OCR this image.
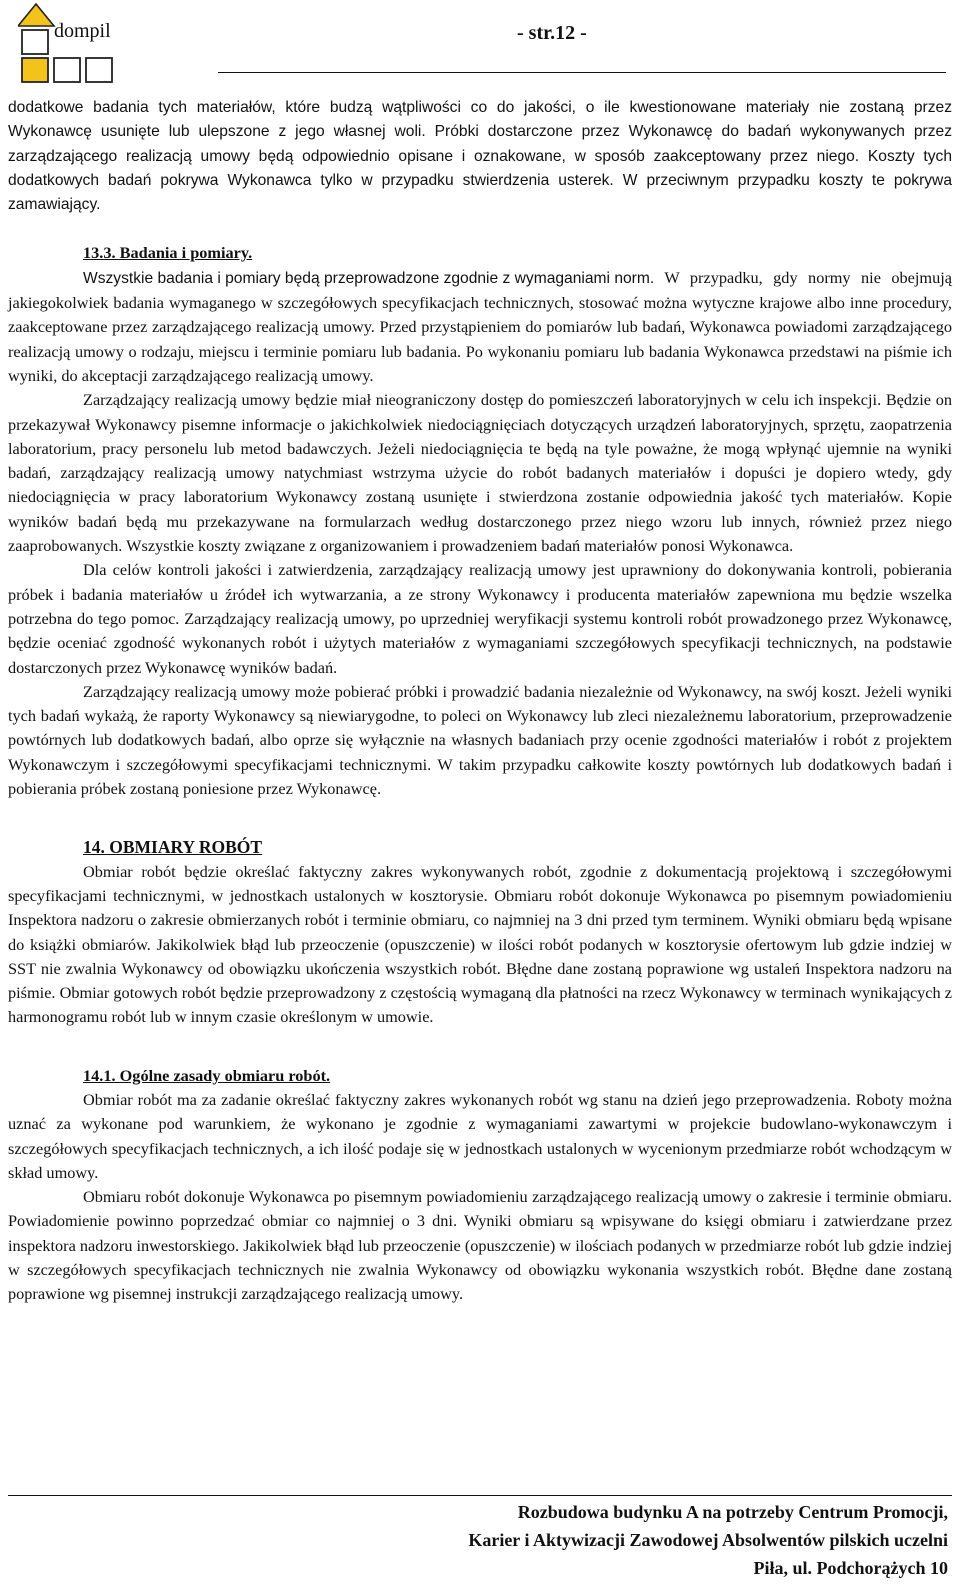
dompil	- str.12 -

dodatkowe badania tych materiałów, które budzą wątpliwości co do jakości, o ile kwestionowane materiały nie zostaną przez Wykonawcę usunięte lub ulepszone z jego własnej woli. Próbki dostarczone przez Wykonawcę do badań wykonywanych przez zarządzającego realizacją umowy będą odpowiednio opisane i oznakowane, w sposób zaakceptowany przez niego. Koszty tych dodatkowych badań pokrywa Wykonawca tylko w przypadku stwierdzenia usterek. W przeciwnym przypadku koszty te pokrywa zamawiający.

13.3. Badania i pomiary.

Wszystkie badania i pomiary będą przeprowadzone zgodnie z wymaganiami norm. W przypadku, gdy normy nie obejmują jakiegokolwiek badania wymaganego w szczegółowych specyfikacjach technicznych, stosować można wytyczne krajowe albo inne procedury, zaakceptowane przez zarządzającego realizacją umowy. Przed przystąpieniem do pomiarów lub badań, Wykonawca powiadomi zarządzającego realizacją umowy o rodzaju, miejscu i terminie pomiaru lub badania. Po wykonaniu pomiaru lub badania Wykonawca przedstawi na piśmie ich wyniki, do akceptacji zarządzającego realizacją umowy.

Zarządzający realizacją umowy będzie miał nieograniczony dostęp do pomieszczeń laboratoryjnych w celu ich inspekcji. Będzie on przekazywał Wykonawcy pisemne informacje o jakichkolwiek niedociągnięciach dotyczących urządzeń laboratoryjnych, sprzętu, zaopatrzenia laboratorium, pracy personelu lub metod badawczych. Jeżeli niedociągnięcia te będą na tyle poważne, że mogą wpłynąć ujemnie na wyniki badań, zarządzający realizacją umowy natychmiast wstrzyma użycie do robót badanych materiałów i dopuści je dopiero wtedy, gdy niedociągnięcia w pracy laboratorium Wykonawcy zostaną usunięte i stwierdzona zostanie odpowiednia jakość tych materiałów. Kopie wyników badań będą mu przekazywane na formularzach według dostarczonego przez niego wzoru lub innych, również przez niego zaaprobowanych. Wszystkie koszty związane z organizowaniem i prowadzeniem badań materiałów ponosi Wykonawca.

Dla celów kontroli jakości i zatwierdzenia, zarządzający realizacją umowy jest uprawniony do dokonywania kontroli, pobierania próbek i badania materiałów u źródeł ich wytwarzania, a ze strony Wykonawcy i producenta materiałów zapewniona mu będzie wszelka potrzebna do tego pomoc. Zarządzający realizacją umowy, po uprzedniej weryfikacji systemu kontroli robót prowadzonego przez Wykonawcę, będzie oceniać zgodność wykonanych robót i użytych materiałów z wymaganiami szczegółowych specyfikacji technicznych, na podstawie dostarczonych przez Wykonawcę wyników badań.

Zarządzający realizacją umowy może pobierać próbki i prowadzić badania niezależnie od Wykonawcy, na swój koszt. Jeżeli wyniki tych badań wykażą, że raporty Wykonawcy są niewiarygodne, to poleci on Wykonawcy lub zleci niezależnemu laboratorium, przeprowadzenie powtórnych lub dodatkowych badań, albo oprze się wyłącznie na własnych badaniach przy ocenie zgodności materiałów i robót z projektem Wykonawczym i szczegółowymi specyfikacjami technicznymi. W takim przypadku całkowite koszty powtórnych lub dodatkowych badań i pobierania próbek zostaną poniesione przez Wykonawcę.

14. OBMIARY ROBÓT

Obmiar robót będzie określać faktyczny zakres wykonywanych robót, zgodnie z dokumentacją projektową i szczegółowymi specyfikacjami technicznymi, w jednostkach ustalonych w kosztorysie. Obmiaru robót dokonuje Wykonawca po pisemnym powiadomieniu Inspektora nadzoru o zakresie obmierzanych robót i terminie obmiaru, co najmniej na 3 dni przed tym terminem. Wyniki obmiaru będą wpisane do książki obmiarów. Jakikolwiek błąd lub przeoczenie (opuszczenie) w ilości robót podanych w kosztorysie ofertowym lub gdzie indziej w SST nie zwalnia Wykonawcy od obowiązku ukończenia wszystkich robót. Błędne dane zostaną poprawione wg ustaleń Inspektora nadzoru na piśmie. Obmiar gotowych robót będzie przeprowadzony z częstością wymaganą dla płatności na rzecz Wykonawcy w terminach wynikających z harmonogramu robót lub w innym czasie określonym w umowie.

14.1. Ogólne zasady obmiaru robót.

Obmiar robót ma za zadanie określać faktyczny zakres wykonanych robót wg stanu na dzień jego przeprowadzenia. Roboty można uznać za wykonane pod warunkiem, że wykonano je zgodnie z wymaganiami zawartymi w projekcie budowlano-wykonawczym i szczegółowych specyfikacjach technicznych, a ich ilość podaje się w jednostkach ustalonych w wycenionym przedmiarze robót wchodzącym w skład umowy.

Obmiaru robót dokonuje Wykonawca po pisemnym powiadomieniu zarządzającego realizacją umowy o zakresie i terminie obmiaru. Powiadomienie powinno poprzedzać obmiar co najmniej o 3 dni. Wyniki obmiaru są wpisywane do księgi obmiaru i zatwierdzane przez inspektora nadzoru inwestorskiego. Jakikolwiek błąd lub przeoczenie (opuszczenie) w ilościach podanych w przedmiarze robót lub gdzie indziej w szczegółowych specyfikacjach technicznych nie zwalnia Wykonawcy od obowiązku wykonania wszystkich robót. Błędne dane zostaną poprawione wg pisemnej instrukcji zarządzającego realizacją umowy.

Rozbudowa budynku A na potrzeby Centrum Promocji,
Karier i Aktywizacji Zawodowej Absolwentów pilskich uczelni
Piła, ul. Podchorążych 10
